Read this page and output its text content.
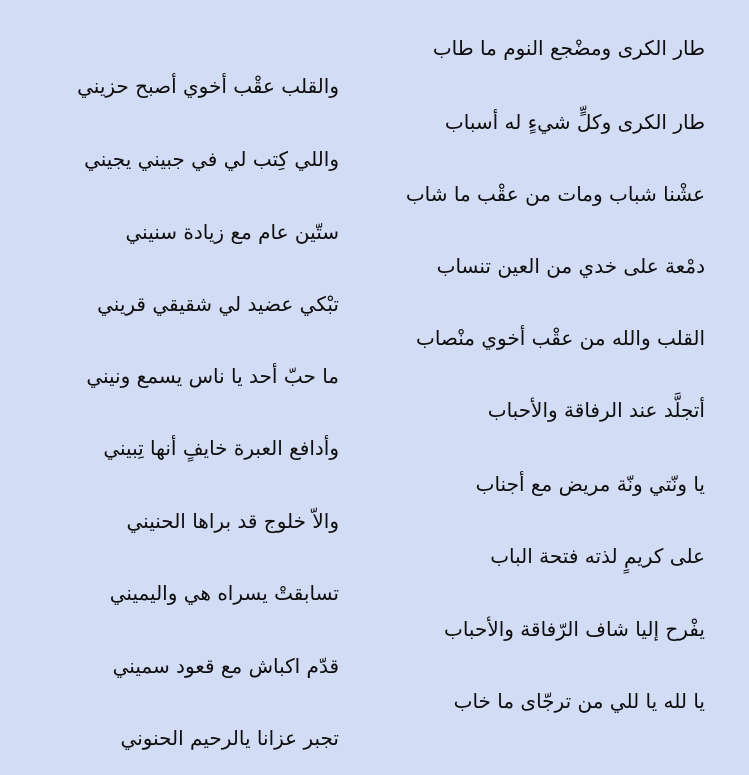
طار الكرى ومضْجع النوم ما طاب
والقلب عقْب أخوي أصبح حزيني
طار الكرى وكلٍّ شيءٍ له أسباب
واللي كِتب لي في جبيني يجيني
عشْنا شباب ومات من عقْب ما شاب
ستّين عام مع زيادة سنيني
دمْعة على خدي من العين تنساب
تبْكي عضيد لي شقيقي قريني
القلب والله من عقْب أخوي منْصاب
ما حبّ أحد يا ناس يسمع ونيني
أتجلَّد عند الرفاقة والأحباب
وأدافع العبرة خايفٍ أنها تِبيني
يا ونّتي ونّة مريض مع أجناب
والاّ خلوج قد براها الحنيني
على كريمٍ لذته فتحة الباب
تسابقتْ يسراه هي واليميني
يفْرح إليا شاف الرّفاقة والأحباب
قدّم اكباش مع قعود سميني
يا لله يا للي من ترجّاى ما خاب
تجبر عزانا يالرحيم الحنوني
